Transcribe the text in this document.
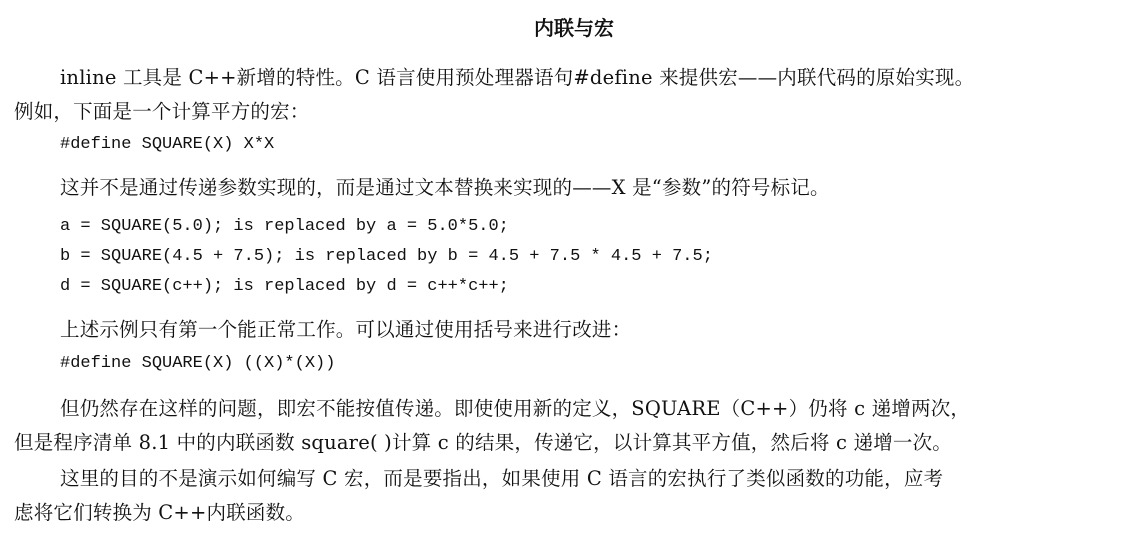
内联与宏
inline 工具是 C++新增的特性。C 语言使用预处理器语句#define 来提供宏——内联代码的原始实现。
例如，下面是一个计算平方的宏：
#define SQUARE(X) X*X
这并不是通过传递参数实现的，而是通过文本替换来实现的——X 是“参数”的符号标记。
a = SQUARE(5.0); is replaced by a = 5.0*5.0;
b = SQUARE(4.5 + 7.5); is replaced by b = 4.5 + 7.5 * 4.5 + 7.5;
d = SQUARE(c++); is replaced by d = c++*c++;
上述示例只有第一个能正常工作。可以通过使用括号来进行改进：
#define SQUARE(X) ((X)*(X))
但仍然存在这样的问题，即宏不能按值传递。即使使用新的定义，SQUARE（C++）仍将 c 递增两次，
但是程序清单 8.1 中的内联函数 square( )计算 c 的结果，传递它，以计算其平方值，然后将 c 递增一次。
这里的目的不是演示如何编写 C 宏，而是要指出，如果使用 C 语言的宏执行了类似函数的功能，应考
虑将它们转换为 C++内联函数。
